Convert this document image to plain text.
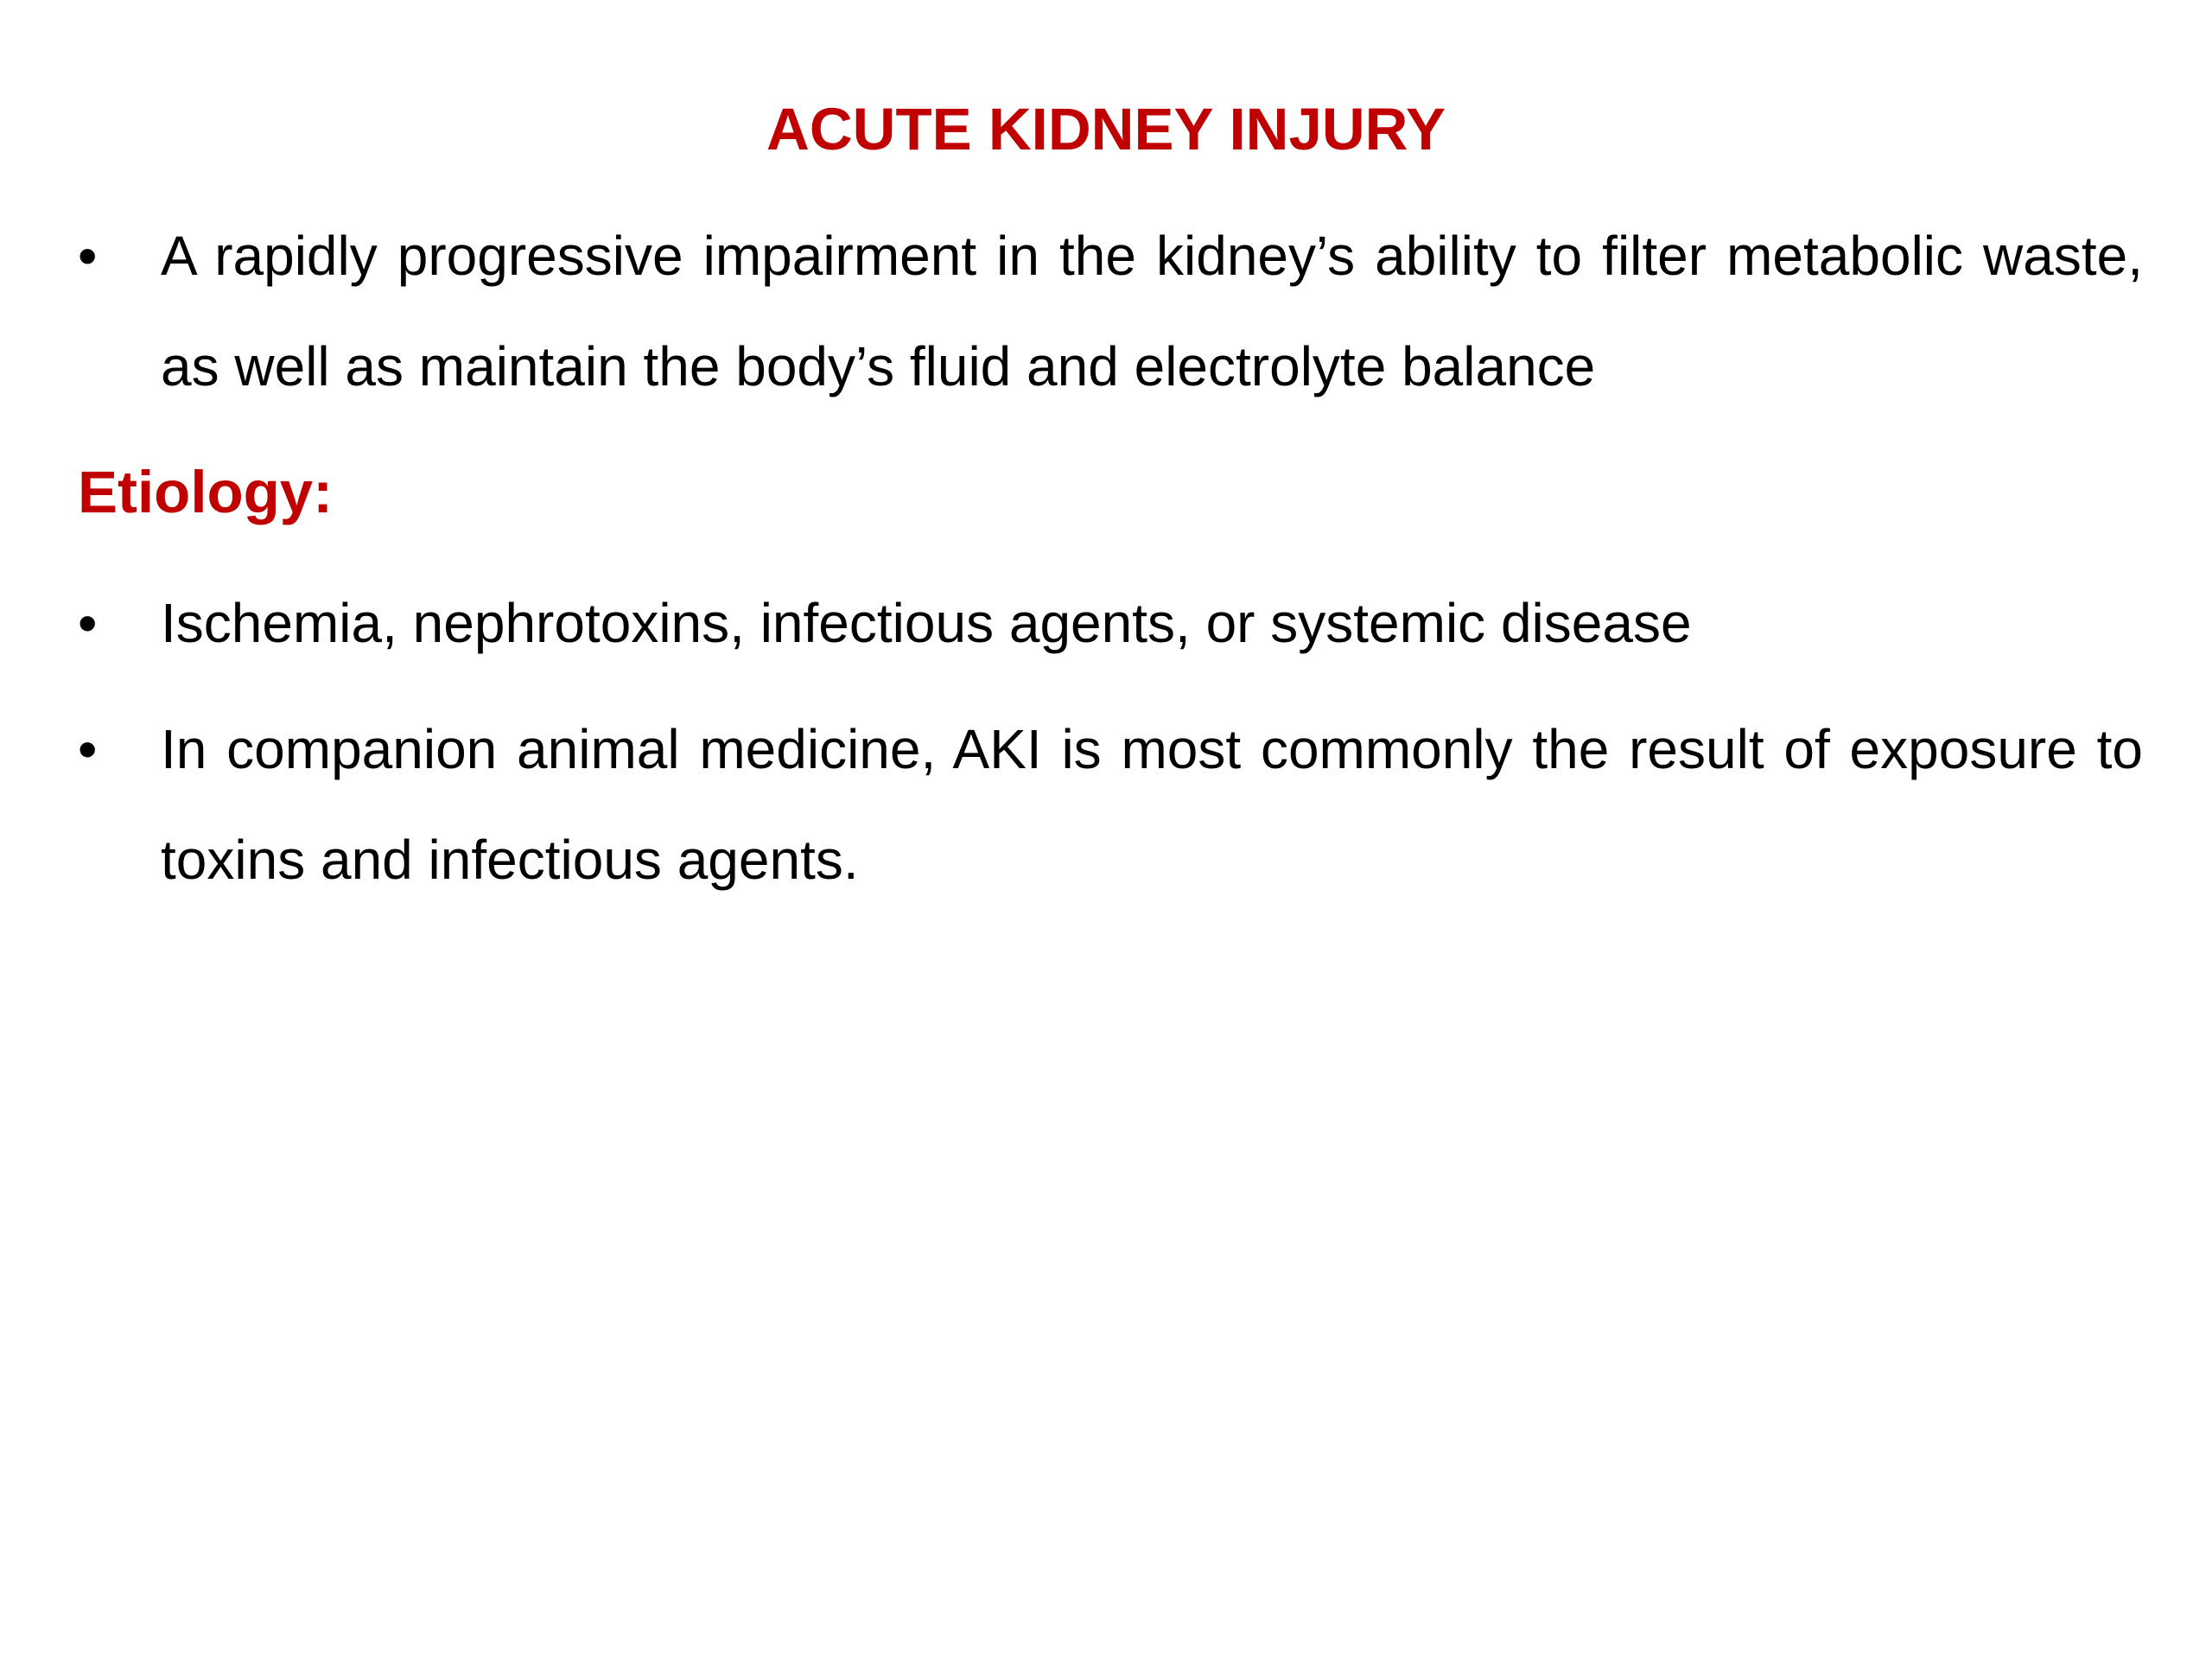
ACUTE KIDNEY INJURY
•	A rapidly progressive impairment in the kidney’s ability to filter metabolic waste, as well as maintain the body’s fluid and electrolyte balance
Etiology:
•	Ischemia, nephrotoxins, infectious agents, or systemic disease
•	In companion animal medicine, AKI is most commonly the result of exposure to toxins and infectious agents.
